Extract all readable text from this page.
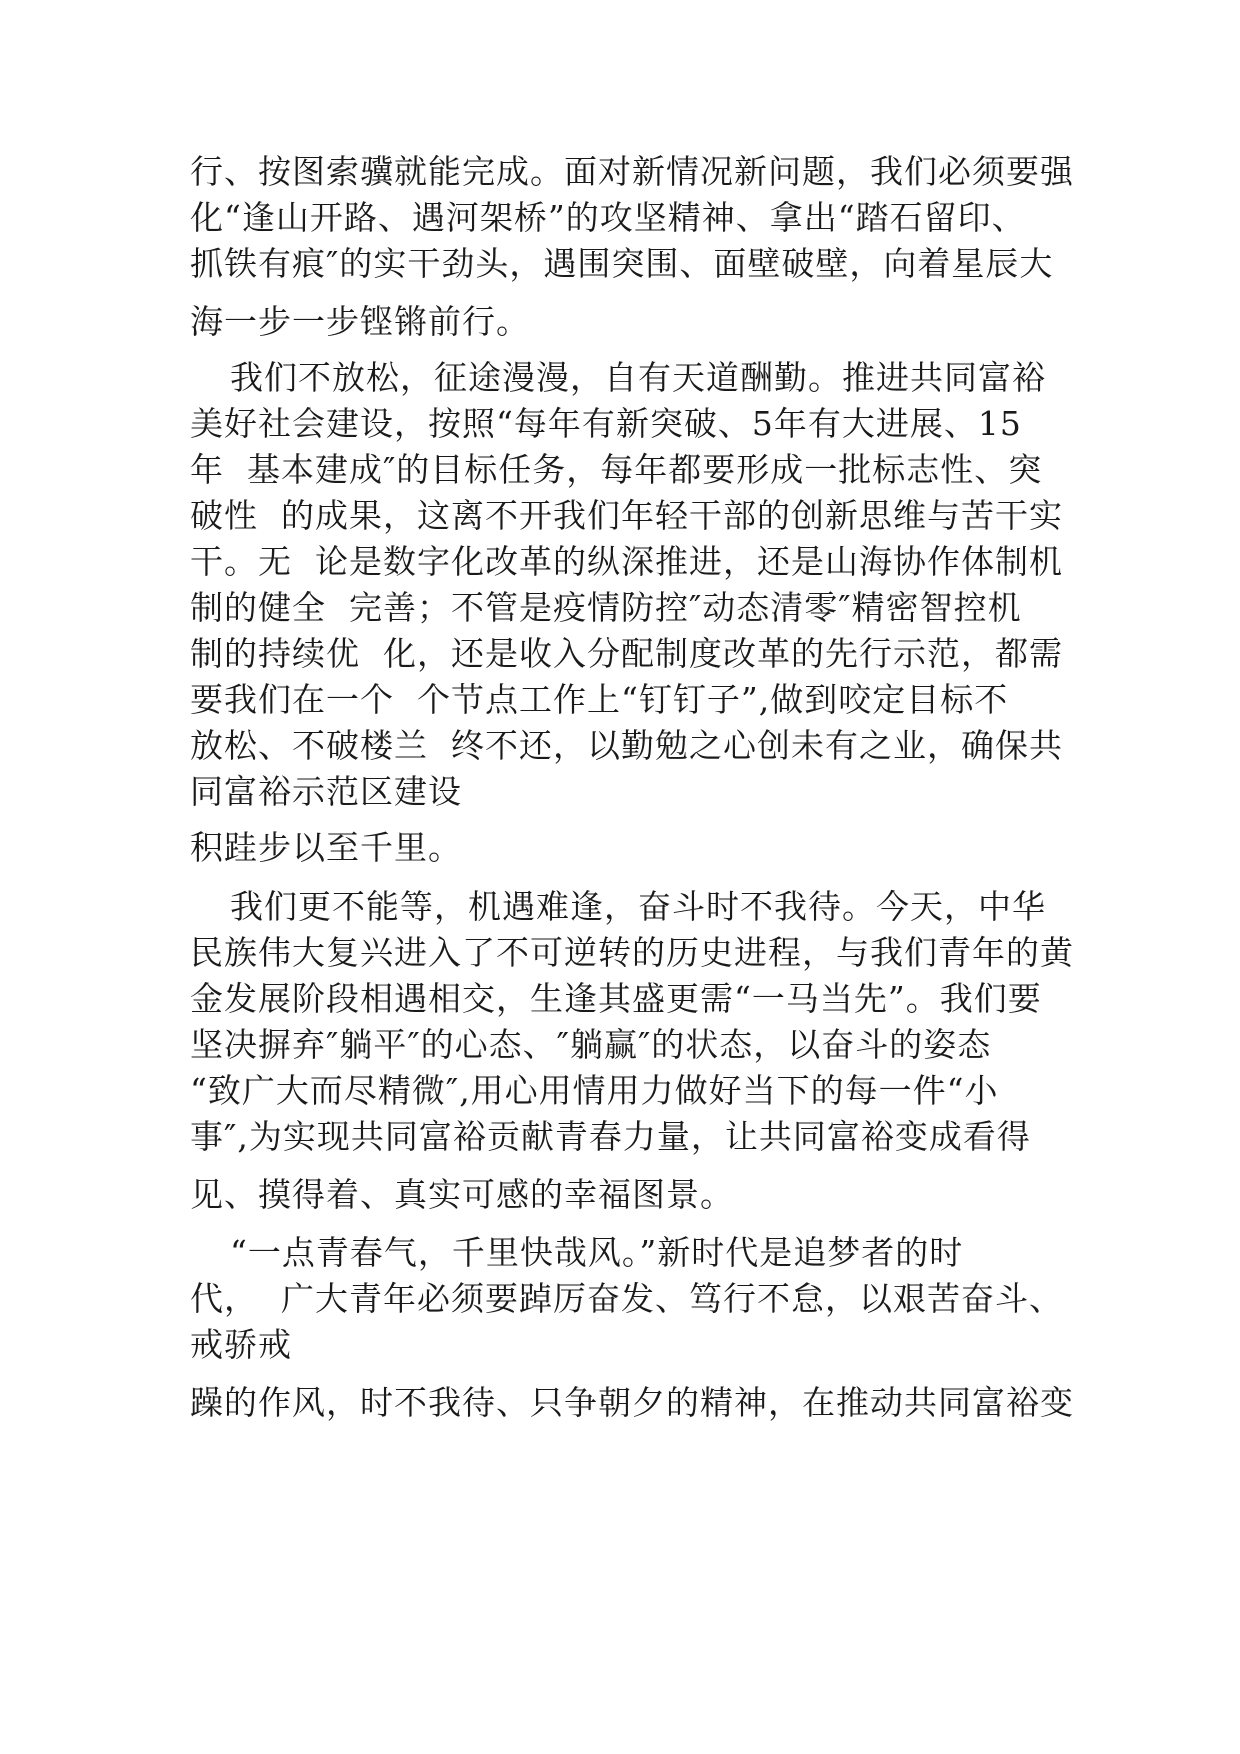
行、按图索骥就能完成。面对新情况新问题，我们必须要强
化“逢山开路、遇河架桥”的攻坚精神、拿出“踏石留印、
抓铁有痕″的实干劲头，遇围突围、面壁破壁，向着星辰大
海一步一步铿锵前行。
我们不放松，征途漫漫，自有天道酬勤。推进共同富裕
美好社会建设，按照“每年有新突破、5年有大进展、15
年  基本建成″的目标任务，每年都要形成一批标志性、突
破性  的成果，这离不开我们年轻干部的创新思维与苦干实
干。无  论是数字化改革的纵深推进，还是山海协作体制机
制的健全  完善；不管是疫情防控″动态清零″精密智控机
制的持续优  化，还是收入分配制度改革的先行示范，都需
要我们在一个  个节点工作上“钉钉子”,做到咬定目标不
放松、不破楼兰  终不还，以勤勉之心创未有之业，确保共
同富裕示范区建设
积跬步以至千里。
我们更不能等，机遇难逢，奋斗时不我待。今天，中华
民族伟大复兴进入了不可逆转的历史进程，与我们青年的黄
金发展阶段相遇相交，生逢其盛更需“一马当先”。我们要
坚决摒弃″躺平″的心态、″躺赢″的状态，以奋斗的姿态
“致广大而尽精微″,用心用情用力做好当下的每一件“小
事″,为实现共同富裕贡献青春力量，让共同富裕变成看得
见、摸得着、真实可感的幸福图景。
“一点青春气，千里快哉风。”新时代是追梦者的时
代，  广大青年必须要踔厉奋发、笃行不怠，以艰苦奋斗、
戒骄戒
躁的作风，时不我待、只争朝夕的精神，在推动共同富裕变
